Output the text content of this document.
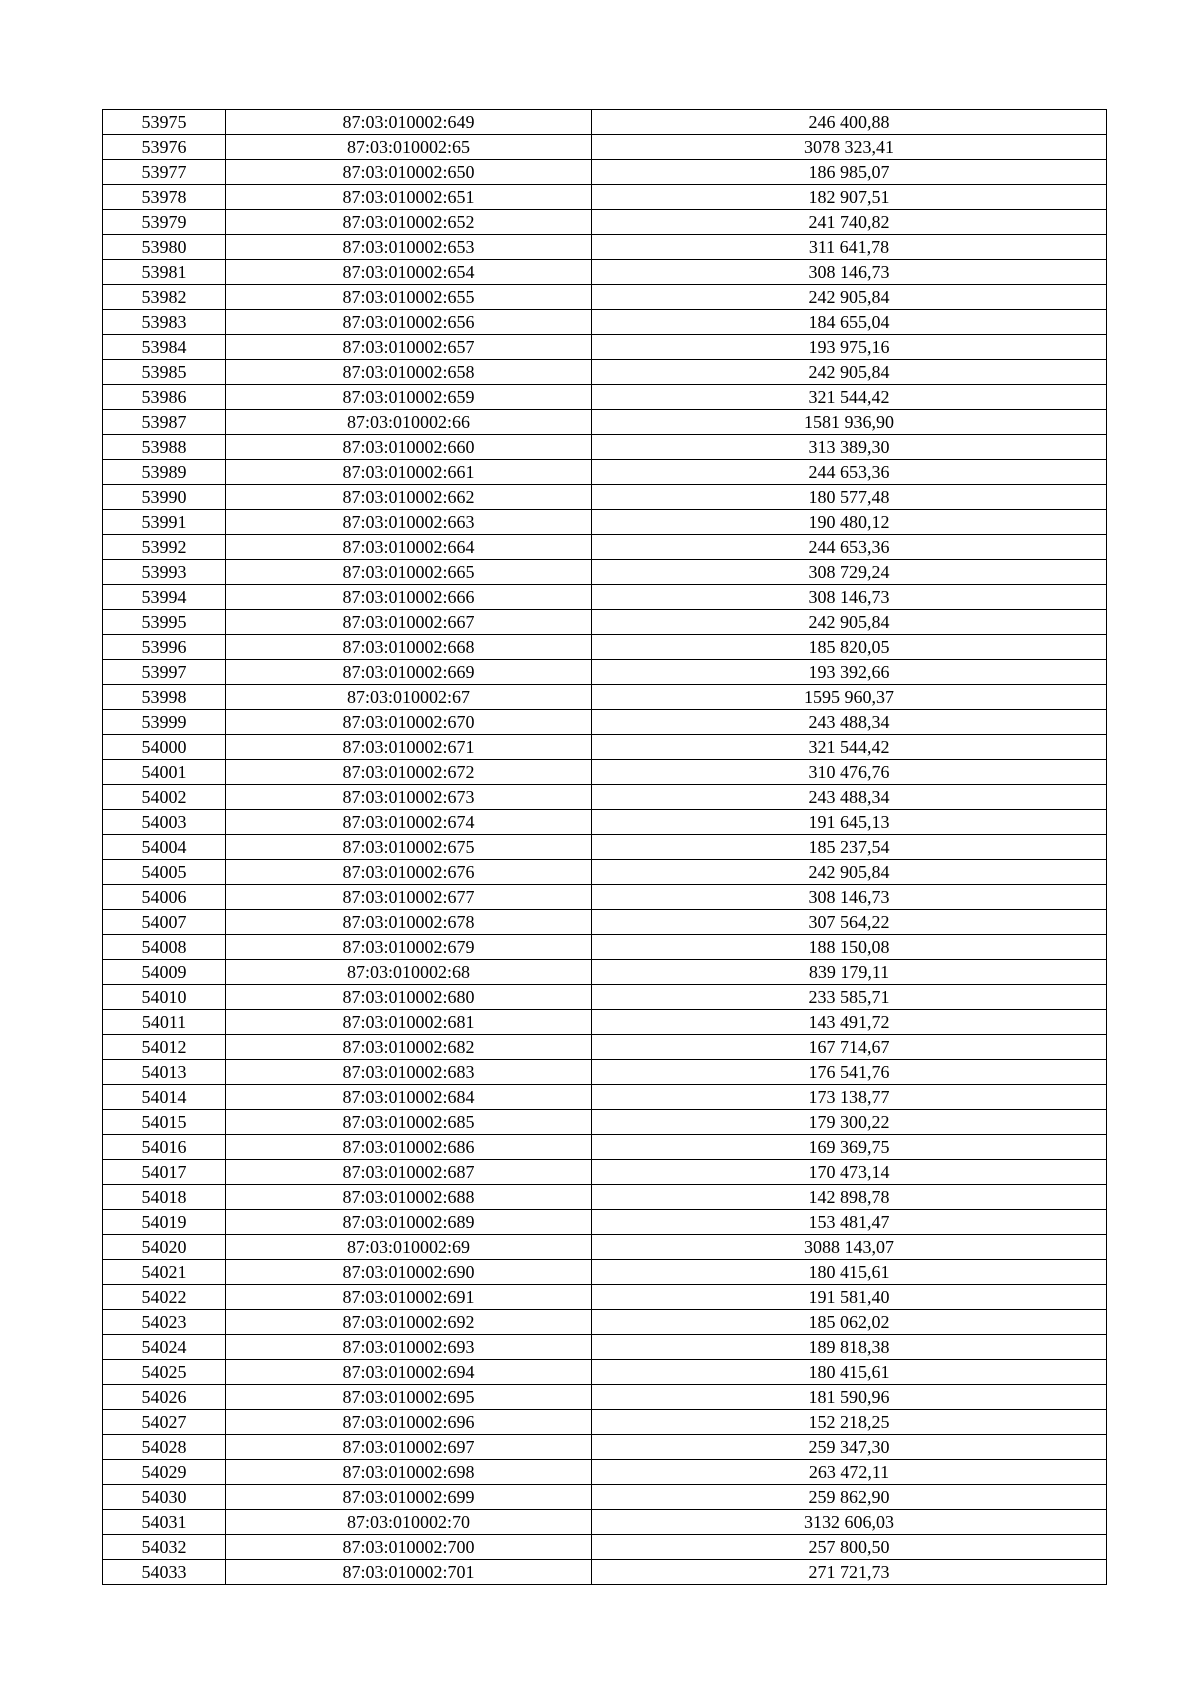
53975	87:03:010002:649	246 400,88
53976	87:03:010002:65	3078 323,41
53977	87:03:010002:650	186 985,07
53978	87:03:010002:651	182 907,51
53979	87:03:010002:652	241 740,82
53980	87:03:010002:653	311 641,78
53981	87:03:010002:654	308 146,73
53982	87:03:010002:655	242 905,84
53983	87:03:010002:656	184 655,04
53984	87:03:010002:657	193 975,16
53985	87:03:010002:658	242 905,84
53986	87:03:010002:659	321 544,42
53987	87:03:010002:66	1581 936,90
53988	87:03:010002:660	313 389,30
53989	87:03:010002:661	244 653,36
53990	87:03:010002:662	180 577,48
53991	87:03:010002:663	190 480,12
53992	87:03:010002:664	244 653,36
53993	87:03:010002:665	308 729,24
53994	87:03:010002:666	308 146,73
53995	87:03:010002:667	242 905,84
53996	87:03:010002:668	185 820,05
53997	87:03:010002:669	193 392,66
53998	87:03:010002:67	1595 960,37
53999	87:03:010002:670	243 488,34
54000	87:03:010002:671	321 544,42
54001	87:03:010002:672	310 476,76
54002	87:03:010002:673	243 488,34
54003	87:03:010002:674	191 645,13
54004	87:03:010002:675	185 237,54
54005	87:03:010002:676	242 905,84
54006	87:03:010002:677	308 146,73
54007	87:03:010002:678	307 564,22
54008	87:03:010002:679	188 150,08
54009	87:03:010002:68	839 179,11
54010	87:03:010002:680	233 585,71
54011	87:03:010002:681	143 491,72
54012	87:03:010002:682	167 714,67
54013	87:03:010002:683	176 541,76
54014	87:03:010002:684	173 138,77
54015	87:03:010002:685	179 300,22
54016	87:03:010002:686	169 369,75
54017	87:03:010002:687	170 473,14
54018	87:03:010002:688	142 898,78
54019	87:03:010002:689	153 481,47
54020	87:03:010002:69	3088 143,07
54021	87:03:010002:690	180 415,61
54022	87:03:010002:691	191 581,40
54023	87:03:010002:692	185 062,02
54024	87:03:010002:693	189 818,38
54025	87:03:010002:694	180 415,61
54026	87:03:010002:695	181 590,96
54027	87:03:010002:696	152 218,25
54028	87:03:010002:697	259 347,30
54029	87:03:010002:698	263 472,11
54030	87:03:010002:699	259 862,90
54031	87:03:010002:70	3132 606,03
54032	87:03:010002:700	257 800,50
54033	87:03:010002:701	271 721,73
